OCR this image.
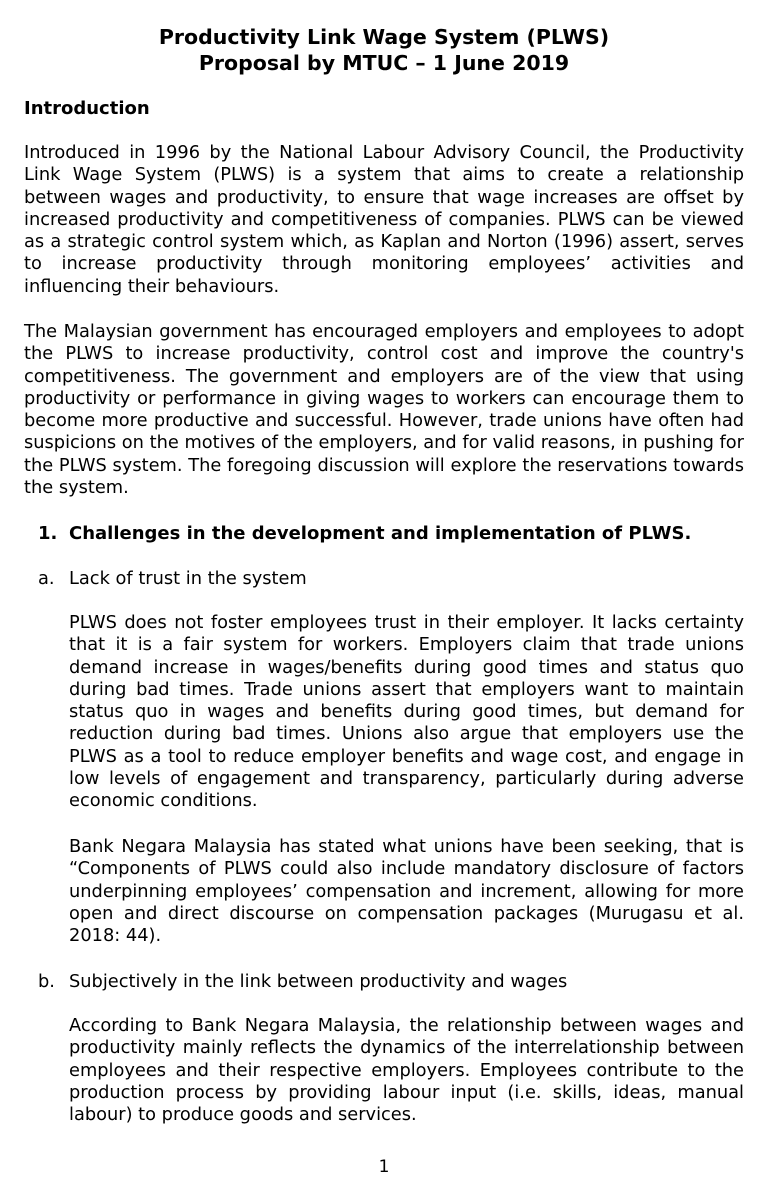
Productivity Link Wage System (PLWS)
Proposal by MTUC – 1 June 2019
Introduction
Introduced in 1996 by the National Labour Advisory Council, the Productivity Link Wage System (PLWS) is a system that aims to create a relationship between wages and productivity, to ensure that wage increases are offset by increased productivity and competitiveness of companies. PLWS can be viewed as a strategic control system which, as Kaplan and Norton (1996) assert, serves to increase productivity through monitoring employees’ activities and influencing their behaviours.
The Malaysian government has encouraged employers and employees to adopt the PLWS to increase productivity, control cost and improve the country's competitiveness. The government and employers are of the view that using productivity or performance in giving wages to workers can encourage them to become more productive and successful. However, trade unions have often had suspicions on the motives of the employers, and for valid reasons, in pushing for the PLWS system. The foregoing discussion will explore the reservations towards the system.
1. Challenges in the development and implementation of PLWS.
a. Lack of trust in the system
PLWS does not foster employees trust in their employer. It lacks certainty that it is a fair system for workers. Employers claim that trade unions demand increase in wages/benefits during good times and status quo during bad times. Trade unions assert that employers want to maintain status quo in wages and benefits during good times, but demand for reduction during bad times. Unions also argue that employers use the PLWS as a tool to reduce employer benefits and wage cost, and engage in low levels of engagement and transparency, particularly during adverse economic conditions.
Bank Negara Malaysia has stated what unions have been seeking, that is “Components of PLWS could also include mandatory disclosure of factors underpinning employees’ compensation and increment, allowing for more open and direct discourse on compensation packages (Murugasu et al. 2018: 44).
b. Subjectively in the link between productivity and wages
According to Bank Negara Malaysia, the relationship between wages and productivity mainly reflects the dynamics of the interrelationship between employees and their respective employers. Employees contribute to the production process by providing labour input (i.e. skills, ideas, manual labour) to produce goods and services.
1
